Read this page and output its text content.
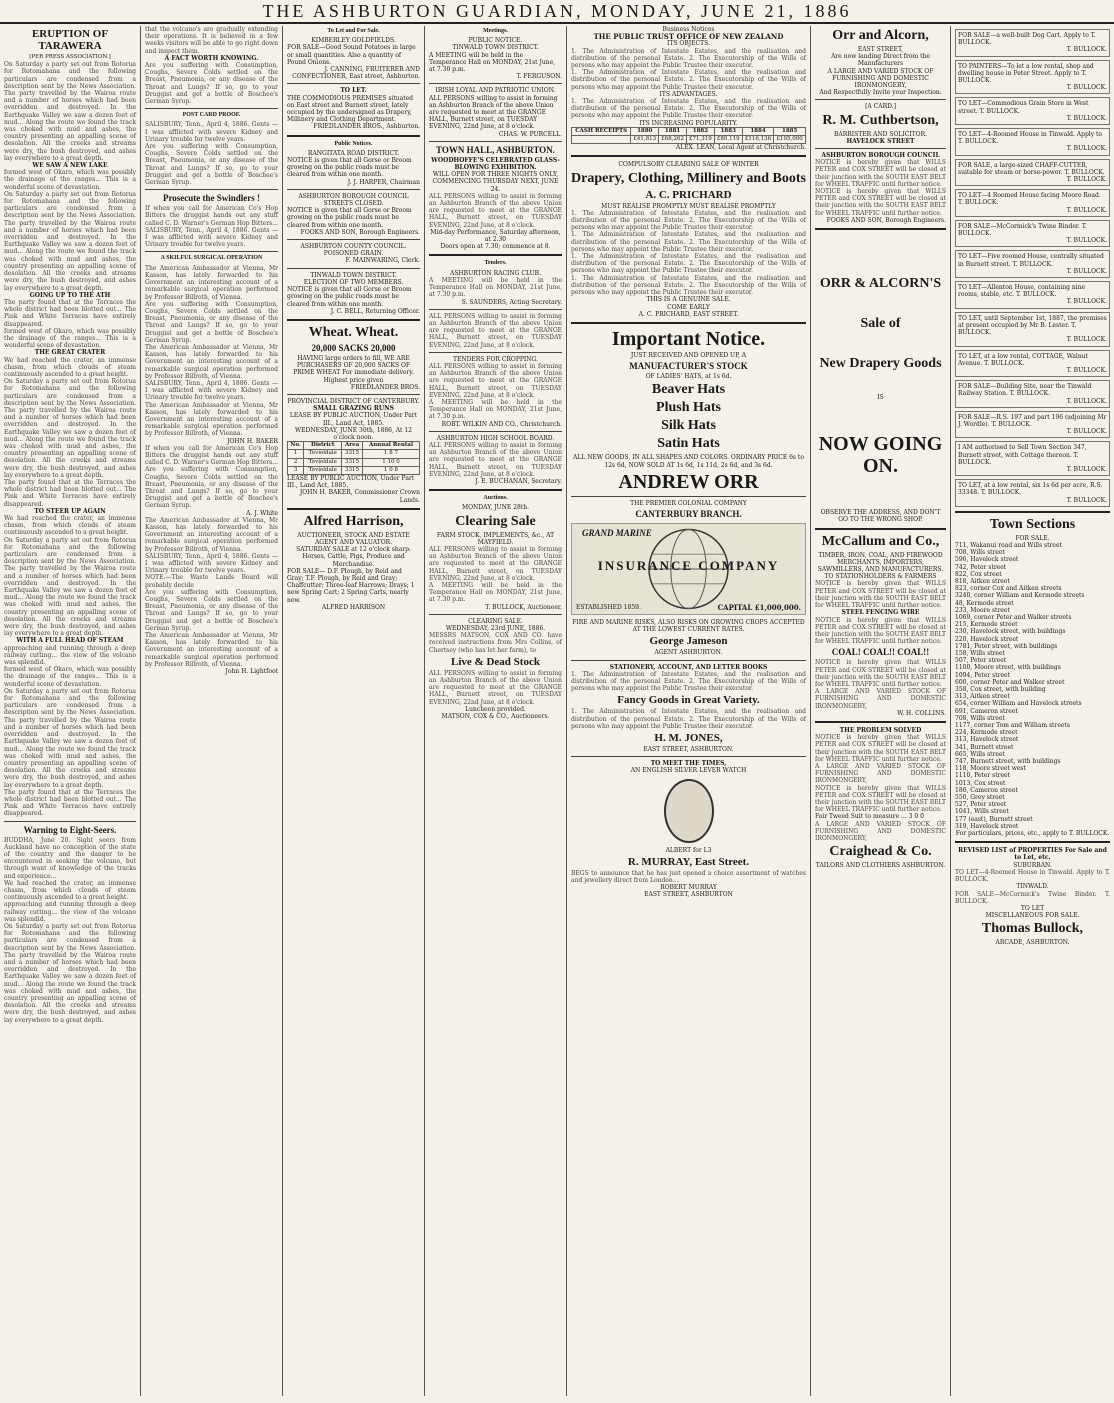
THE ASHBURTON GUARDIAN, MONDAY, JUNE 21, 1886
ERUPTION OF TARAWERA
[PER PRESS ASSOCIATION.]
On Saturday a party set out from Rotorua for Rotomahana and the following particulars are condensed from a description sent by the News Association. The party travelled by the Wairoa route and a number of horses which had been overridden and destroyed. In the Earthquake Valley we saw a dozen feet of mud... Along the route we found the track was choked with mud and ashes, the country presenting an appalling scene of desolation. All the creeks and streams were dry, the bush destroyed, and ashes lay everywhere to a great depth.
WE SAW A NEW LAKE
formed west of Okaro, which was possibly the drainage of the ranges... This is a wonderful scene of devastation.
On Saturday a party set out from Rotorua for Rotomahana and the following particulars are condensed from a description sent by the News Association. The party travelled by the Wairoa route and a number of horses which had been overridden and destroyed. In the Earthquake Valley we saw a dozen feet of mud... Along the route we found the track was choked with mud and ashes, the country presenting an appalling scene of desolation. All the creeks and streams were dry, the bush destroyed, and ashes lay everywhere to a great depth.
GOING UP TO THE ATH
The party found that at the Terraces the whole district had been blotted out... The Pink and White Terraces have entirely disappeared.
formed west of Okaro, which was possibly the drainage of the ranges... This is a wonderful scene of devastation.
THE GREAT CRATER
We had reached the crater, an immense chasm, from which clouds of steam continuously ascended to a great height.
On Saturday a party set out from Rotorua for Rotomahana and the following particulars are condensed from a description sent by the News Association. The party travelled by the Wairoa route and a number of horses which had been overridden and destroyed. In the Earthquake Valley we saw a dozen feet of mud... Along the route we found the track was choked with mud and ashes, the country presenting an appalling scene of desolation. All the creeks and streams were dry, the bush destroyed, and ashes lay everywhere to a great depth.
The party found that at the Terraces the whole district had been blotted out... The Pink and White Terraces have entirely disappeared.
TO STEER UP AGAIN
We had reached the crater, an immense chasm, from which clouds of steam continuously ascended to a great height.
On Saturday a party set out from Rotorua for Rotomahana and the following particulars are condensed from a description sent by the News Association. The party travelled by the Wairoa route and a number of horses which had been overridden and destroyed. In the Earthquake Valley we saw a dozen feet of mud... Along the route we found the track was choked with mud and ashes, the country presenting an appalling scene of desolation. All the creeks and streams were dry, the bush destroyed, and ashes lay everywhere to a great depth.
WITH A FULL HEAD OF STEAM
approaching and running through a deep railway cutting... the view of the volcano was splendid.
formed west of Okaro, which was possibly the drainage of the ranges... This is a wonderful scene of devastation.
On Saturday a party set out from Rotorua for Rotomahana and the following particulars are condensed from a description sent by the News Association. The party travelled by the Wairoa route and a number of horses which had been overridden and destroyed. In the Earthquake Valley we saw a dozen feet of mud... Along the route we found the track was choked with mud and ashes, the country presenting an appalling scene of desolation. All the creeks and streams were dry, the bush destroyed, and ashes lay everywhere to a great depth.
The party found that at the Terraces the whole district had been blotted out... The Pink and White Terraces have entirely disappeared.
Warning to Eight-Seers.
BUDDHA, June 20. Sight seers from Auckland have no conception of the state of the country and the danger to be encountered in seeking the volcano, but through want of knowledge of the tracks and experience...
We had reached the crater, an immense chasm, from which clouds of steam continuously ascended to a great height.
approaching and running through a deep railway cutting... the view of the volcano was splendid.
On Saturday a party set out from Rotorua for Rotomahana and the following particulars are condensed from a description sent by the News Association. The party travelled by the Wairoa route and a number of horses which had been overridden and destroyed. In the Earthquake Valley we saw a dozen feet of mud... Along the route we found the track was choked with mud and ashes, the country presenting an appalling scene of desolation. All the creeks and streams were dry, the bush destroyed, and ashes lay everywhere to a great depth.
that the volcano's are gradually extending their operations. It is believed in a few weeks visitors will be able to go right down and inspect them.
A FACT WORTH KNOWING.
Are you suffering with Consumption, Coughs, Severe Colds settled on the Breast, Pneumonia, or any disease of the Throat and Lungs? If so, go to your Druggist and get a bottle of Boschee's German Syrup.
POST CARD PROOF.
SALISBURY, Tenn., April 4, 1886. Gents — I was afflicted with severe Kidney and Urinary trouble for twelve years.
Are you suffering with Consumption, Coughs, Severe Colds settled on the Breast, Pneumonia, or any disease of the Throat and Lungs? If so, go to your Druggist and get a bottle of Boschee's German Syrup.
Prosecute the Swindlers !
If when you call for American Co's Hop Bitters the druggist hands out any stuff called C. D. Warner's German Hop Bitters...
SALISBURY, Tenn., April 4, 1886. Gents — I was afflicted with severe Kidney and Urinary trouble for twelve years.
A SKILFUL SURGICAL OPERATION
The American Ambassador at Vienna, Mr Kasson, has lately forwarded to his Government an interesting account of a remarkable surgical operation performed by Professor Billroth, of Vienna.
Are you suffering with Consumption, Coughs, Severe Colds settled on the Breast, Pneumonia, or any disease of the Throat and Lungs? If so, go to your Druggist and get a bottle of Boschee's German Syrup.
The American Ambassador at Vienna, Mr Kasson, has lately forwarded to his Government an interesting account of a remarkable surgical operation performed by Professor Billroth, of Vienna.
SALISBURY, Tenn., April 4, 1886. Gents — I was afflicted with severe Kidney and Urinary trouble for twelve years.
The American Ambassador at Vienna, Mr Kasson, has lately forwarded to his Government an interesting account of a remarkable surgical operation performed by Professor Billroth, of Vienna.
JOHN H. BAKER
If when you call for American Co's Hop Bitters the druggist hands out any stuff called C. D. Warner's German Hop Bitters...
Are you suffering with Consumption, Coughs, Severe Colds settled on the Breast, Pneumonia, or any disease of the Throat and Lungs? If so, go to your Druggist and get a bottle of Boschee's German Syrup.
A. J. White
The American Ambassador at Vienna, Mr Kasson, has lately forwarded to his Government an interesting account of a remarkable surgical operation performed by Professor Billroth, of Vienna.
SALISBURY, Tenn., April 4, 1886. Gents — I was afflicted with severe Kidney and Urinary trouble for twelve years.
NOTE.—The Waste Lands Board will probably decide
Are you suffering with Consumption, Coughs, Severe Colds settled on the Breast, Pneumonia, or any disease of the Throat and Lungs? If so, go to your Druggist and get a bottle of Boschee's German Syrup.
The American Ambassador at Vienna, Mr Kasson, has lately forwarded to his Government an interesting account of a remarkable surgical operation performed by Professor Billroth, of Vienna.
John H. Lightfoot
To Let and For Sale.
KIMBERLEY GOLDFIELDS.
FOR SALE—Good Sound Potatoes in large or small quantities. Also a quantity of Pound Onions.
J. CANNING, FRUITERER AND CONFECTIONER, East street, Ashburton.
TO LET.
THE COMMODIOUS PREMISES situated on East street and Burnett street, lately occupied by the undersigned as Drapery, Millinery and Clothing Department.
FRIEDLANDER BROS., Ashburton.
Public Notices.
RANGITATA ROAD DISTRICT.
NOTICE is given that all Gorse or Broom growing on the public roads must be cleared from within one month.
J. J. HARPER, Chairman
ASHBURTON BOROUGH COUNCIL
STREETS CLOSED.
NOTICE is given that all Gorse or Broom growing on the public roads must be cleared from within one month.
FOOKS AND SON, Borough Engineers.
ASHBURTON COUNTY COUNCIL.
POISONED GRAIN.
F. MAINWARING, Clerk.
TINWALD TOWN DISTRICT.
ELECTION OF TWO MEMBERS.
NOTICE is given that all Gorse or Broom growing on the public roads must be cleared from within one month.
J. C. BELL, Returning Officer.
Wheat. Wheat.
20,000 SACKS 20,000
HAVING large orders to fill, WE ARE PURCHASERS OF 20,000 SACKS OF PRIME WHEAT For immediate delivery.
Highest price given
FRIEDLANDER BROS.
PROVINCIAL DISTRICT OF CANTERBURY.
SMALL GRAZING RUNS
LEASE BY PUBLIC AUCTION, Under Part III., Land Act, 1885.
WEDNESDAY, JUNE 30th, 1886, At 12 o'clock noon.
No.	District	Area	Annual Rental
1	Tevioldale	3315	1 8 7
2	Tevioldale	3315	1 10 0
3	Tevioldale	3315	1 0 8
LEASE BY PUBLIC AUCTION, Under Part III., Land Act, 1885.
JOHN H. BAKER, Commissioner Crown Lands.
Alfred Harrison,
AUCTIONEER, STOCK AND ESTATE AGENT AND VALUATOR.
SATURDAY SALE at 12 o'clock sharp. Horses, Cattle, Pigs, Produce and Merchandise.
FOR SALE— D.F. Plough, by Reid and Gray; T.F. Plough, by Reid and Gray; Chaffcutter; Three-leaf Harrows; Drays; 1 new Spring Cart; 2 Spring Carts, nearly new.
ALFRED HARRISON
Meetings.
PUBLIC NOTICE.
TINWALD TOWN DISTRICT.
A MEETING will be held in the Temperance Hall on MONDAY, 21st June, at 7.30 p.m.
T. FERGUSON.
IRISH LOYAL AND PATRIOTIC UNION.
ALL PERSONS willing to assist in forming an Ashburton Branch of the above Union are requested to meet at the GRANGE HALL, Burnett street, on TUESDAY EVENING, 22nd June, at 8 o'clock.
CHAS. W. PURCELL.
TOWN HALL, ASHBURTON.
WOODHOFFE'S CELEBRATED GLASS-BLOWING EXHIBITION.
WILL OPEN FOR THREE NIGHTS ONLY, COMMENCING THURSDAY NEXT, JUNE 24.
ALL PERSONS willing to assist in forming an Ashburton Branch of the above Union are requested to meet at the GRANGE HALL, Burnett street, on TUESDAY EVENING, 22nd June, at 8 o'clock.
Mid-day Performance, Saturday afternoon, at 2.30
Doors open at 7.30; commence at 8.
Tenders.
ASHBURTON RACING CLUB.
A MEETING will be held in the Temperance Hall on MONDAY, 21st June, at 7.30 p.m.
S. SAUNDERS, Acting Secretary.
ALL PERSONS willing to assist in forming an Ashburton Branch of the above Union are requested to meet at the GRANGE HALL, Burnett street, on TUESDAY EVENING, 22nd June, at 8 o'clock.
TENDERS FOR CROPPING.
ALL PERSONS willing to assist in forming an Ashburton Branch of the above Union are requested to meet at the GRANGE HALL, Burnett street, on TUESDAY EVENING, 22nd June, at 8 o'clock.
A MEETING will be held in the Temperance Hall on MONDAY, 21st June, at 7.30 p.m.
ROBT. WILKIN AND CO., Christchurch.
ASHBURTON HIGH SCHOOL BOARD.
ALL PERSONS willing to assist in forming an Ashburton Branch of the above Union are requested to meet at the GRANGE HALL, Burnett street, on TUESDAY EVENING, 22nd June, at 8 o'clock.
J. E. BUCHANAN, Secretary.
Auctions.
MONDAY, JUNE 28th.
Clearing Sale
FARM STOCK, IMPLEMENTS, &c., AT MAYFIELD.
ALL PERSONS willing to assist in forming an Ashburton Branch of the above Union are requested to meet at the GRANGE HALL, Burnett street, on TUESDAY EVENING, 22nd June, at 8 o'clock.
A MEETING will be held in the Temperance Hall on MONDAY, 21st June, at 7.30 p.m.
T. BULLOCK, Auctioneer.
CLEARING SALE.
WEDNESDAY, 23rd JUNE, 1886.
MESSRS MATSON, COX AND CO. have received instructions from Mrs Collins, of Chertsey (who has let her farm), to
Live & Dead Stock
ALL PERSONS willing to assist in forming an Ashburton Branch of the above Union are requested to meet at the GRANGE HALL, Burnett street, on TUESDAY EVENING, 22nd June, at 8 o'clock.
Luncheon provided.
MATSON, COX & CO., Auctioneers.
Business Notices
THE PUBLIC TRUST OFFICE OF NEW ZEALAND
ITS OBJECTS.
1. The Administration of Intestate Estates, and the realisation and distribution of the personal Estate. 2. The Executorship of the Wills of persons who may appoint the Public Trustee their executor.
1. The Administration of Intestate Estates, and the realisation and distribution of the personal Estate. 2. The Executorship of the Wills of persons who may appoint the Public Trustee their executor.
ITS ADVANTAGES.
1. The Administration of Intestate Estates, and the realisation and distribution of the personal Estate. 2. The Executorship of the Wills of persons who may appoint the Public Trustee their executor.
ITS INCREASING POPULARITY.
CASH RECEIPTS	1880	1881	1882	1883	1884	1885
	£41,813	£68,262	£71,319	£80,119	£116,136	£195,000
ALEX. LEAN, Local Agent at Christchurch.
COMPULSORY CLEARING SALE OF WINTER
Drapery, Clothing, Millinery and Boots
A. C. PRICHARD
MUST REALISE PROMPTLY MUST REALISE PROMPTLY
1. The Administration of Intestate Estates, and the realisation and distribution of the personal Estate. 2. The Executorship of the Wills of persons who may appoint the Public Trustee their executor.
1. The Administration of Intestate Estates, and the realisation and distribution of the personal Estate. 2. The Executorship of the Wills of persons who may appoint the Public Trustee their executor.
1. The Administration of Intestate Estates, and the realisation and distribution of the personal Estate. 2. The Executorship of the Wills of persons who may appoint the Public Trustee their executor.
1. The Administration of Intestate Estates, and the realisation and distribution of the personal Estate. 2. The Executorship of the Wills of persons who may appoint the Public Trustee their executor.
THIS IS A GENUINE SALE.
COME EARLY
A. C. PRICHARD, EAST STREET.
Important Notice.
JUST RECEIVED AND OPENED UP, A
MANUFACTURER'S STOCK
OF LADIES' HATS, at 1s 6d.
Beaver Hats
Plush Hats
Silk Hats
Satin Hats
ALL NEW GOODS, IN ALL SHAPES AND COLORS. ORDINARY PRICE 6s to 12s 6d, NOW SOLD AT 1s 6d, 1s 11d, 2s 6d, and 3s 6d.
ANDREW ORR
THE PREMIER COLONIAL COMPANY
CANTERBURY BRANCH.
GRAND MARINE
INSURANCE COMPANY
ESTABLISHED 1859.	CAPITAL £1,000,000.
FIRE AND MARINE RISKS, ALSO RISKS ON GROWING CROPS ACCEPTED AT THE LOWEST CURRENT RATES.
George Jameson
AGENT ASHBURTON.
STATIONERY, ACCOUNT, AND LETTER BOOKS
1. The Administration of Intestate Estates, and the realisation and distribution of the personal Estate. 2. The Executorship of the Wills of persons who may appoint the Public Trustee their executor.
Fancy Goods in Great Variety.
1. The Administration of Intestate Estates, and the realisation and distribution of the personal Estate. 2. The Executorship of the Wills of persons who may appoint the Public Trustee their executor.
H. M. JONES,
EAST STREET, ASHBURTON.
TO MEET THE TIMES,
AN ENGLISH SILVER LEVER WATCH
ALBERT for L3
R. MURRAY, East Street.
BEGS to announce that he has just opened a choice assortment of watches and jewellery direct from London...
ROBERT MURRAY
EAST STREET, ASHBURTON
Orr and Alcorn,
EAST STREET,
Are now landing Direct from the Manufacturers
A LARGE AND VARIED STOCK OF FURNISHING AND DOMESTIC IRONMONGERY,
And Respectfully Invite your Inspection.
[A CARD.]
R. M. Cuthbertson,
BARRISTER AND SOLICITOR.
HAVELOCK STREET
ASHBURTON BOROUGH COUNCIL
NOTICE is hereby given that WILLS PETER and COX STREET will be closed at their junction with the SOUTH EAST BELT for WHEEL TRAFFIC until further notice.
NOTICE is hereby given that WILLS PETER and COX STREET will be closed at their junction with the SOUTH EAST BELT for WHEEL TRAFFIC until further notice.
FOOKS AND SON, Borough Engineers.
ORR & ALCORN'S
Sale of
New Drapery Goods
IS
NOW GOING ON.
OBSERVE THE ADDRESS, AND DON'T GO TO THE WRONG SHOP.
McCallum and Co.,
TIMBER, IRON, COAL, AND FIREWOOD MERCHANTS, IMPORTERS, SAWMILLERS, AND MANUFACTURERS.
TO STATIONHOLDERS & FARMERS
NOTICE is hereby given that WILLS PETER and COX STREET will be closed at their junction with the SOUTH EAST BELT for WHEEL TRAFFIC until further notice.
STEEL FENCING WIRE
NOTICE is hereby given that WILLS PETER and COX STREET will be closed at their junction with the SOUTH EAST BELT for WHEEL TRAFFIC until further notice.
COAL! COAL!! COAL!!
NOTICE is hereby given that WILLS PETER and COX STREET will be closed at their junction with the SOUTH EAST BELT for WHEEL TRAFFIC until further notice.
A LARGE AND VARIED STOCK OF FURNISHING AND DOMESTIC IRONMONGERY,
W. H. COLLINS.
THE PROBLEM SOLVED
NOTICE is hereby given that WILLS PETER and COX STREET will be closed at their junction with the SOUTH EAST BELT for WHEEL TRAFFIC until further notice.
A LARGE AND VARIED STOCK OF FURNISHING AND DOMESTIC IRONMONGERY,
NOTICE is hereby given that WILLS PETER and COX STREET will be closed at their junction with the SOUTH EAST BELT for WHEEL TRAFFIC until further notice.
Fair Tweed Suit to measure ... 3 0 0
A LARGE AND VARIED STOCK OF FURNISHING AND DOMESTIC IRONMONGERY,
Craighead & Co.
TAILORS AND CLOTHIERS ASHBURTON.
FOR SALE—a well-built Dog Cart. Apply to T. BULLOCK.
T. BULLOCK.
TO PAINTERS—To let a low rental, shop and dwelling house in Peter Street. Apply to T. BULLOCK.
T. BULLOCK.
TO LET—Commodious Grain Store in West street. T. BULLOCK.
T. BULLOCK.
TO LET—4-Roomed House in Tinwald. Apply to T. BULLOCK.
T. BULLOCK.
FOR SALE, a large-sized CHAFF-CUTTER, suitable for steam or horse-power. T. BULLOCK.
T. BULLOCK.
TO LET—4 Roomed House facing Moore Road. T. BULLOCK.
T. BULLOCK.
FOR SALE—McCormick's Twine Binder. T. BULLOCK.
T. BULLOCK.
TO LET—Five roomed House, centrally situated in Burnett street. T. BULLOCK.
T. BULLOCK.
TO LET—Allenton House, containing nine rooms, stable, etc. T. BULLOCK.
T. BULLOCK.
TO LET, until September 1st, 1887, the premises at present occupied by Mr B. Lester. T. BULLOCK.
T. BULLOCK.
TO LET, at a low rental, COTTAGE, Walnut Avenue. T. BULLOCK.
T. BULLOCK.
FOR SALE—Building Site, near the Tinwald Railway Station. T. BULLOCK.
T. BULLOCK.
FOR SALE—R.S. 197 and part 196 (adjoining Mr J. Wordle). T. BULLOCK.
T. BULLOCK.
I AM authorised to Sell Town Section 347, Burnett street, with Cottage thereon. T. BULLOCK.
T. BULLOCK.
TO LET, at a low rental, six 1s 6d per acre, R.S. 33348. T. BULLOCK.
T. BULLOCK.
Town Sections
FOR SALE.
711, Wakanui road and Wills street
708, Wills street
596, Havelock street
742, Peter street
822, Cox street
818, Aitken street
823, corner Cox and Aitken streets
3240, corner William and Kermode streets
48, Kermode street
233, Moore street
1069, corner Peter and Walker streets
215, Kermode street
230, Havelock street, with buildings
220, Havelock street
1781, Peter street, with buildings
158, Wills street
507, Peter street
1100, Moore street, with buildings
1094, Peter street
600, corner Peter and Walker street
358, Cox street, with building
313, Aitken street
654, corner William and Havelock streets
691, Cameron street
708, Wills street
1177, corner Tom and William streets
224, Kermode street
313, Havelock street
341, Burnett street
665, Wills street
747, Burnett street, with buildings
118, Moore street west
1110, Peter street
1013, Cox street
186, Cameron street
550, Grey street
527, Peter street
1041, Wills street
177 (east), Burnett street
319, Havelock street
For particulars, prices, etc., apply to T. BULLOCK.
REVISED LIST of PROPERTIES For Sale and to Let, etc.
SUBURBAN.
TO LET—4-Roomed House in Tinwald. Apply to T. BULLOCK.
TINWALD.
FOR SALE—McCormick's Twine Binder. T. BULLOCK.
TO LET
MISCELLANEOUS FOR SALE.
Thomas Bullock,
ARCADE, ASHBURTON.
